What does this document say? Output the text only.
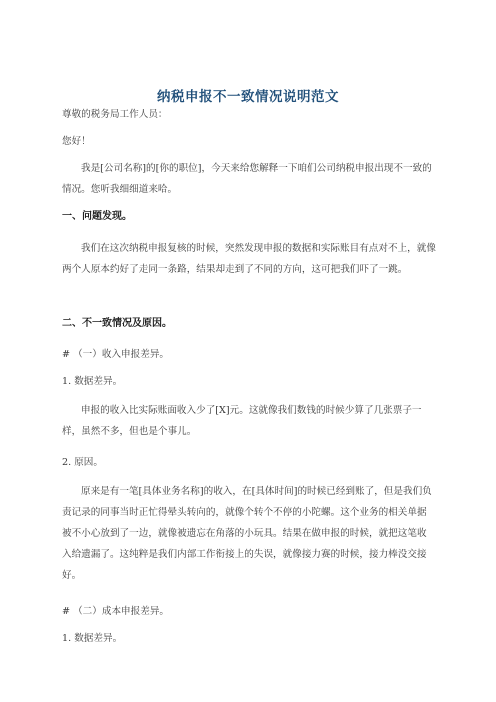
纳税申报不一致情况说明范文

尊敬的税务局工作人员：

您好！

我是[公司名称]的[你的职位]，今天来给您解释一下咱们公司纳税申报出现不一致的情况。您听我细细道来哈。

一、问题发现。

我们在这次纳税申报复核的时候，突然发现申报的数据和实际账目有点对不上，就像两个人原本约好了走同一条路，结果却走到了不同的方向，这可把我们吓了一跳。

二、不一致情况及原因。

# （一）收入申报差异。

1. 数据差异。

申报的收入比实际账面收入少了[X]元。这就像我们数钱的时候少算了几张票子一样，虽然不多，但也是个事儿。

2. 原因。

原来是有一笔[具体业务名称]的收入，在[具体时间]的时候已经到账了，但是我们负责记录的同事当时正忙得晕头转向的，就像个转个不停的小陀螺。这个业务的相关单据被不小心放到了一边，就像被遗忘在角落的小玩具。结果在做申报的时候，就把这笔收入给遗漏了。这纯粹是我们内部工作衔接上的失误，就像接力赛的时候，接力棒没交接好。

# （二）成本申报差异。

1. 数据差异。
